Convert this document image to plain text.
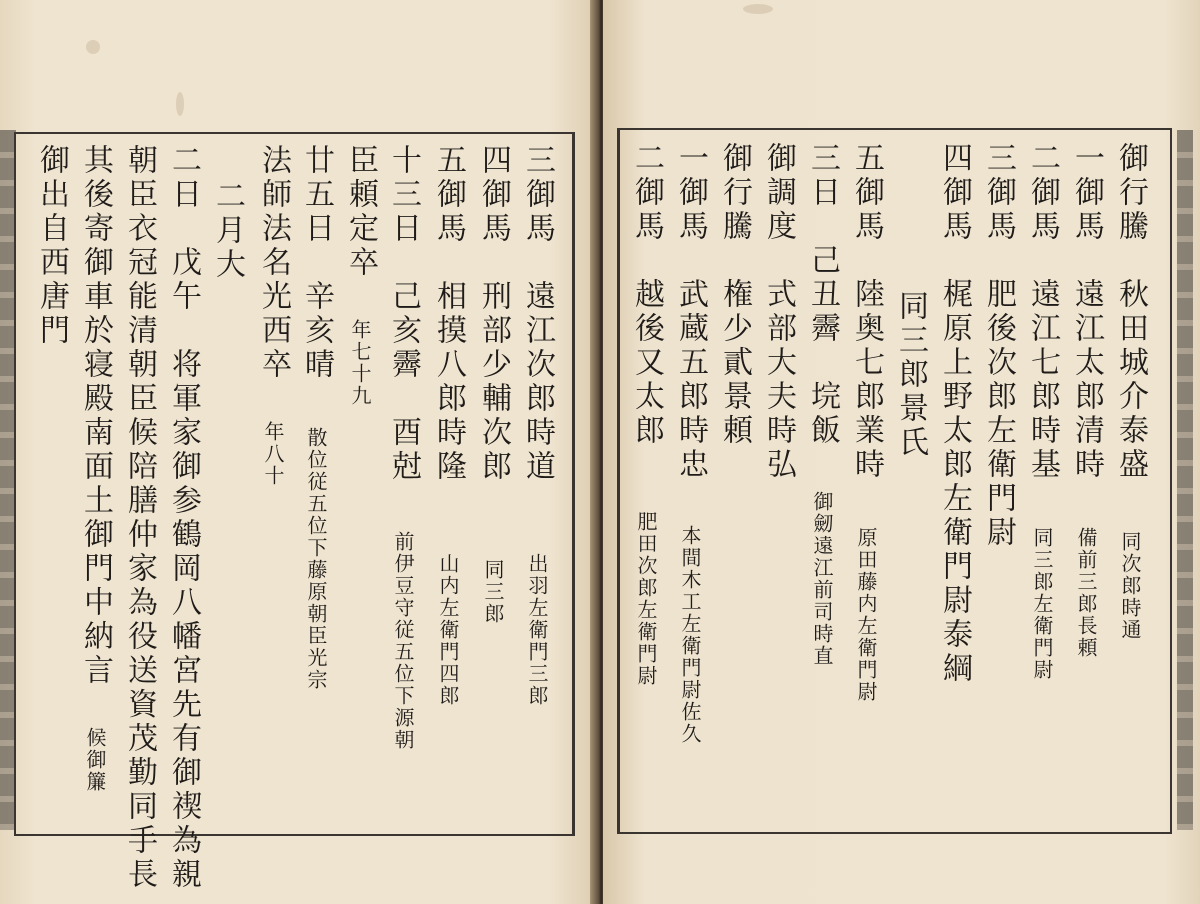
三御馬　遠江次郎時道 出羽左衛門三郎
四御馬　刑部少輔次郎 同三郎
五御馬　相摸八郎時隆 山内左衛門四郎
十三日　己亥霽　酉尅 前伊豆守従五位下源朝
臣頼定卒 年七十九
廿五日　辛亥晴 散位従五位下藤原朝臣光宗
法師法名光西卒 年八十
二月大
二日　戊午　将軍家御参鶴岡八幡宮先有御禊為親
朝臣衣冠能清朝臣候陪膳仲家為役送資茂勤同手長
其後寄御車於寝殿南面土御門中納言 候御簾
御出自西唐門	御行騰　秋田城介泰盛 同次郎時通
一御馬　遠江太郎清時 備前三郎長頼
二御馬　遠江七郎時基 同三郎左衛門尉
三御馬　肥後次郎左衛門尉
四御馬　梶原上野太郎左衛門尉泰綱
同三郎景氏
五御馬　陸奥七郎業時 原田藤内左衛門尉
三日　己丑霽　垸飯 御劒遠江前司時直
御調度　式部大夫時弘
御行騰　権少貳景頼
一御馬　武蔵五郎時忠 本間木工左衛門尉佐久
二御馬　越後又太郎 肥田次郎左衛門尉
